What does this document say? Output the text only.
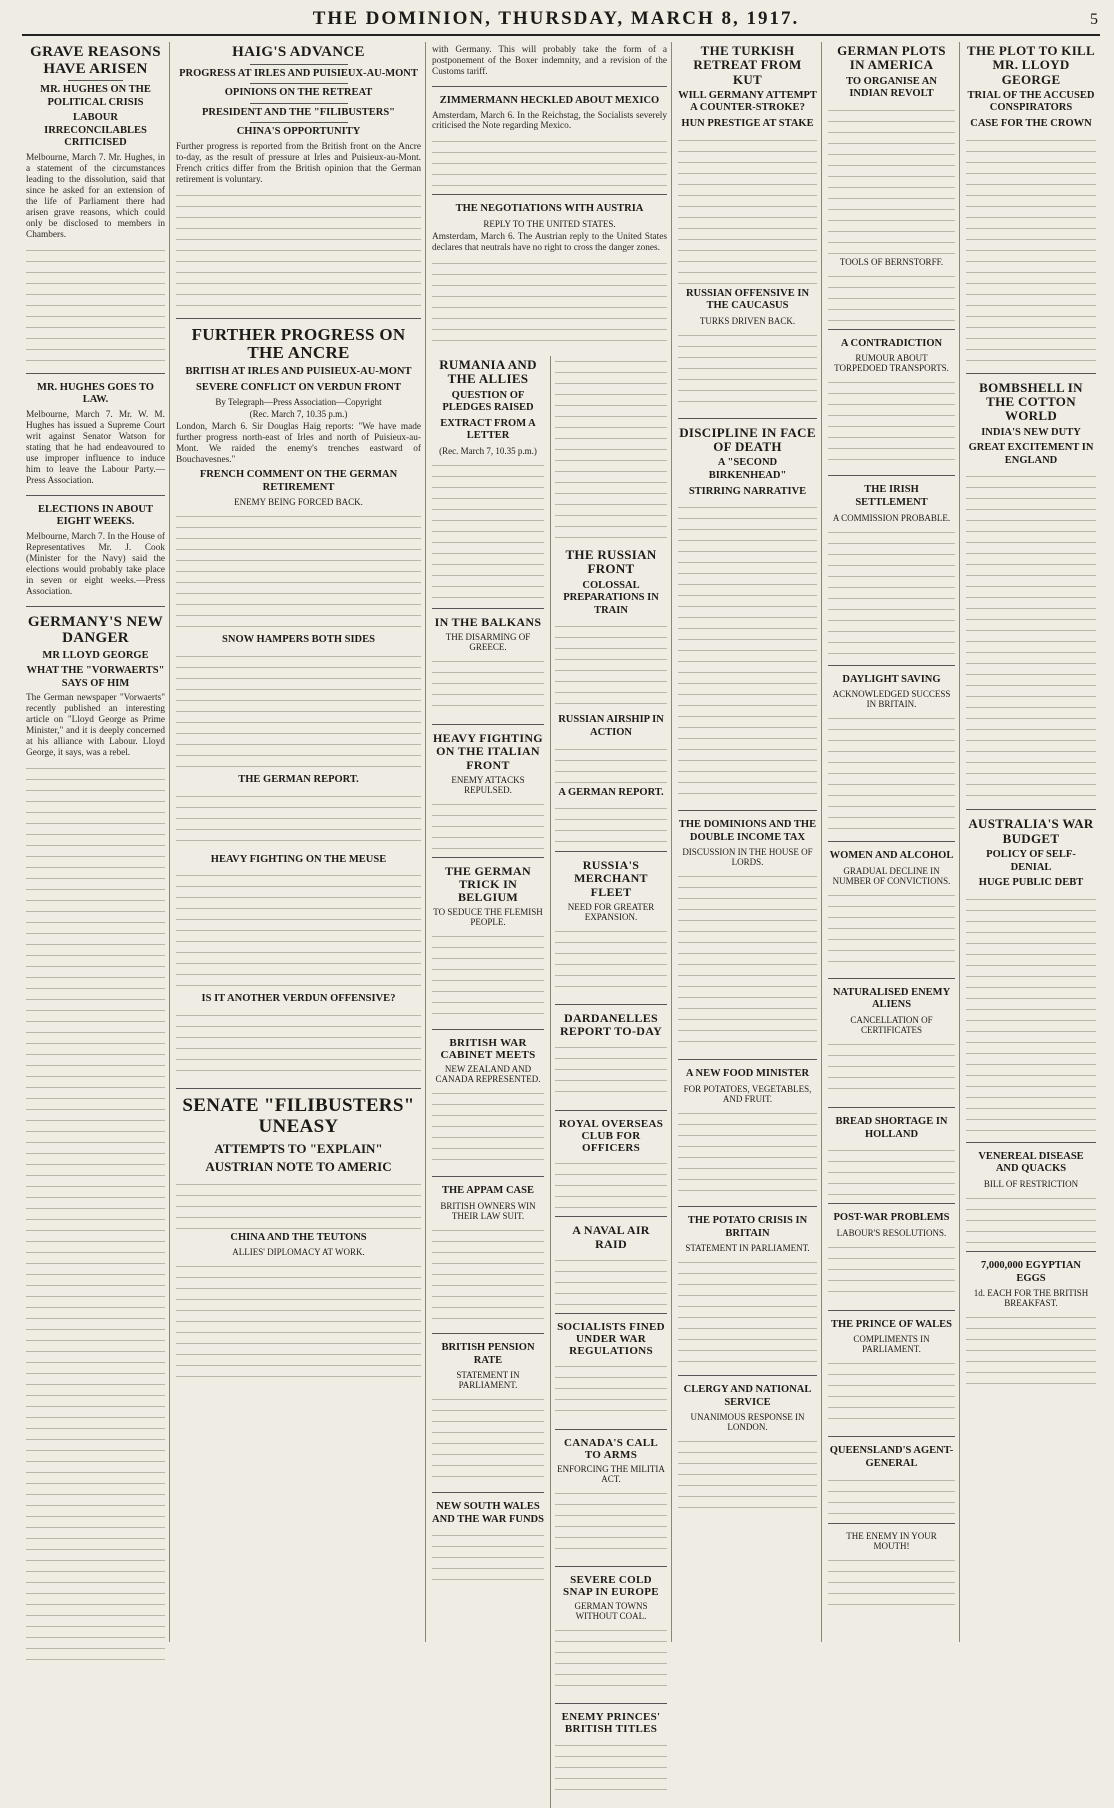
THE DOMINION, THURSDAY, MARCH 8, 1917.	5
GRAVE REASONS HAVE ARISEN
MR. HUGHES ON THE POLITICAL CRISIS
LABOUR IRRECONCILABLES CRITICISED

Melbourne, March 7. Mr. Hughes, in a statement of the circumstances leading to the dissolution, said that since he asked for an extension of the life of Parliament there had arisen grave reasons, which could only be disclosed to members in Chambers.

MR. HUGHES GOES TO LAW.

Melbourne, March 7. Mr. W. M. Hughes has issued a Supreme Court writ against Senator Watson for stating that he had endeavoured to use improper influence to induce him to leave the Labour Party.—Press Association.

ELECTIONS IN ABOUT EIGHT WEEKS.

Melbourne, March 7. In the House of Representatives Mr. J. Cook (Minister for the Navy) said the elections would probably take place in seven or eight weeks.—Press Association.

GERMANY'S NEW DANGER
MR LLOYD GEORGE
WHAT THE "VORWAERTS" SAYS OF HIM

The German newspaper "Vorwaerts" recently published an interesting article on "Lloyd George as Prime Minister," and it is deeply concerned at his alliance with Labour. Lloyd George, it says, was a rebel.

HAIG'S ADVANCE
PROGRESS AT IRLES AND PUISIEUX-AU-MONT
OPINIONS ON THE RETREAT
PRESIDENT AND THE "FILIBUSTERS"
CHINA'S OPPORTUNITY

Further progress is reported from the British front on the Ancre to-day, as the result of pressure at Irles and Puisieux-au-Mont. French critics differ from the British opinion that the German retirement is voluntary.

FURTHER PROGRESS ON THE ANCRE
BRITISH AT IRLES AND PUISIEUX-AU-MONT
SEVERE CONFLICT ON VERDUN FRONT
By Telegraph—Press Association—Copyright
(Rec. March 7, 10.35 p.m.)

London, March 6. Sir Douglas Haig reports: "We have made further progress north-east of Irles and north of Puisieux-au-Mont. We raided the enemy's trenches eastward of Bouchavesnes."

FRENCH COMMENT ON THE GERMAN RETIREMENT
ENEMY BEING FORCED BACK.
SNOW HAMPERS BOTH SIDES
THE GERMAN REPORT.
HEAVY FIGHTING ON THE MEUSE
IS IT ANOTHER VERDUN OFFENSIVE?
SENATE "FILIBUSTERS" UNEASY
ATTEMPTS TO "EXPLAIN"
AUSTRIAN NOTE TO AMERIC
CHINA AND THE TEUTONS
ALLIES' DIPLOMACY AT WORK.

with Germany. This will probably take the form of a postponement of the Boxer indemnity, and a revision of the Customs tariff.

ZIMMERMANN HECKLED ABOUT MEXICO

Amsterdam, March 6. In the Reichstag, the Socialists severely criticised the Note regarding Mexico.

THE NEGOTIATIONS WITH AUSTRIA
REPLY TO THE UNITED STATES.

Amsterdam, March 6. The Austrian reply to the United States declares that neutrals have no right to cross the danger zones.

RUMANIA AND THE ALLIES
QUESTION OF PLEDGES RAISED
EXTRACT FROM A LETTER
(Rec. March 7, 10.35 p.m.)
IN THE BALKANS
THE DISARMING OF GREECE.
HEAVY FIGHTING ON THE ITALIAN FRONT
ENEMY ATTACKS REPULSED.
THE GERMAN TRICK IN BELGIUM
TO SEDUCE THE FLEMISH PEOPLE.
BRITISH WAR CABINET MEETS
NEW ZEALAND AND CANADA REPRESENTED.
THE APPAM CASE
BRITISH OWNERS WIN THEIR LAW SUIT.
BRITISH PENSION RATE
STATEMENT IN PARLIAMENT.
NEW SOUTH WALES AND THE WAR FUNDS
THE RUSSIAN FRONT
COLOSSAL PREPARATIONS IN TRAIN
RUSSIAN AIRSHIP IN ACTION
A GERMAN REPORT.
RUSSIA'S MERCHANT FLEET
NEED FOR GREATER EXPANSION.
DARDANELLES REPORT TO-DAY
ROYAL OVERSEAS CLUB FOR OFFICERS
A NAVAL AIR RAID
SOCIALISTS FINED UNDER WAR REGULATIONS
CANADA'S CALL TO ARMS
ENFORCING THE MILITIA ACT.
SEVERE COLD SNAP IN EUROPE
GERMAN TOWNS WITHOUT COAL.
ENEMY PRINCES' BRITISH TITLES
THE TURKISH RETREAT FROM KUT
WILL GERMANY ATTEMPT A COUNTER-STROKE?
HUN PRESTIGE AT STAKE
RUSSIAN OFFENSIVE IN THE CAUCASUS
TURKS DRIVEN BACK.
DISCIPLINE IN FACE OF DEATH
A "SECOND BIRKENHEAD"
STIRRING NARRATIVE
THE DOMINIONS AND THE DOUBLE INCOME TAX
DISCUSSION IN THE HOUSE OF LORDS.
A NEW FOOD MINISTER
FOR POTATOES, VEGETABLES, AND FRUIT.
THE POTATO CRISIS IN BRITAIN
STATEMENT IN PARLIAMENT.
CLERGY AND NATIONAL SERVICE
UNANIMOUS RESPONSE IN LONDON.
GERMAN PLOTS IN AMERICA
TO ORGANISE AN INDIAN REVOLT
TOOLS OF BERNSTORFF.
A CONTRADICTION
RUMOUR ABOUT TORPEDOED TRANSPORTS.
THE IRISH SETTLEMENT
A COMMISSION PROBABLE.
DAYLIGHT SAVING
ACKNOWLEDGED SUCCESS IN BRITAIN.
WOMEN AND ALCOHOL
GRADUAL DECLINE IN NUMBER OF CONVICTIONS.
NATURALISED ENEMY ALIENS
CANCELLATION OF CERTIFICATES
BREAD SHORTAGE IN HOLLAND
POST-WAR PROBLEMS
LABOUR'S RESOLUTIONS.
THE PRINCE OF WALES
COMPLIMENTS IN PARLIAMENT.
QUEENSLAND'S AGENT-GENERAL
THE ENEMY IN YOUR MOUTH!
THE PLOT TO KILL MR. LLOYD GEORGE
TRIAL OF THE ACCUSED CONSPIRATORS
CASE FOR THE CROWN
BOMBSHELL IN THE COTTON WORLD
INDIA'S NEW DUTY
GREAT EXCITEMENT IN ENGLAND
AUSTRALIA'S WAR BUDGET
POLICY OF SELF-DENIAL
HUGE PUBLIC DEBT
VENEREAL DISEASE AND QUACKS
BILL OF RESTRICTION
7,000,000 EGYPTIAN EGGS
1d. EACH FOR THE BRITISH BREAKFAST.
